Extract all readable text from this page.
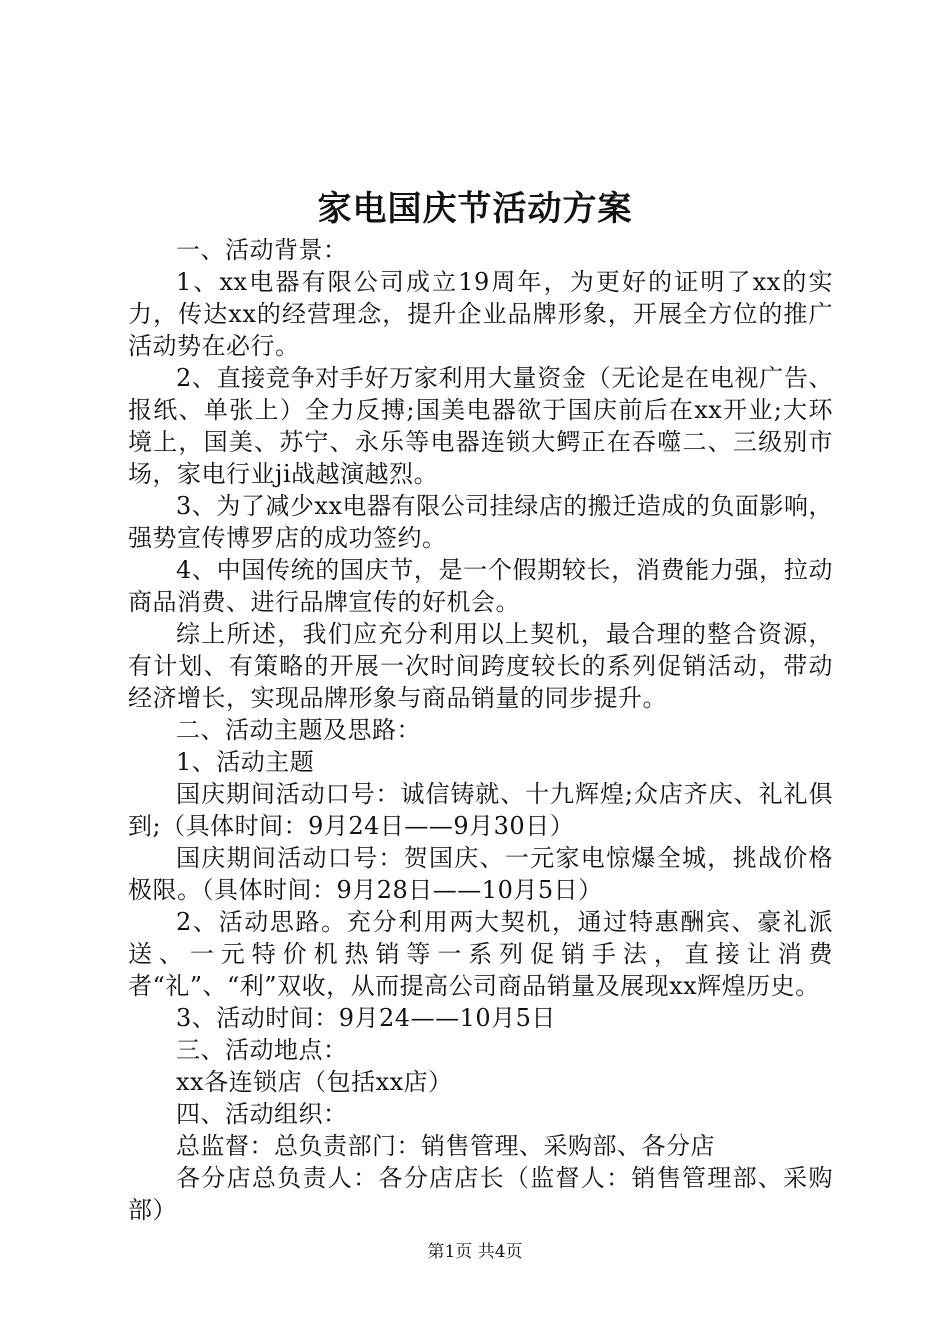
家电国庆节活动方案

一、活动背景：

1、xx电器有限公司成立19周年，为更好的证明了xx的实力，传达xx的经营理念，提升企业品牌形象，开展全方位的推广活动势在必行。

2、直接竞争对手好万家利用大量资金（无论是在电视广告、报纸、单张上）全力反搏;国美电器欲于国庆前后在xx开业;大环境上，国美、苏宁、永乐等电器连锁大鳄正在吞噬二、三级别市场，家电行业ji战越演越烈。

3、为了减少xx电器有限公司挂绿店的搬迁造成的负面影响，强势宣传博罗店的成功签约。

4、中国传统的国庆节，是一个假期较长，消费能力强，拉动商品消费、进行品牌宣传的好机会。

综上所述，我们应充分利用以上契机，最合理的整合资源，有计划、有策略的开展一次时间跨度较长的系列促销活动，带动经济增长，实现品牌形象与商品销量的同步提升。

二、活动主题及思路：

1、活动主题

国庆期间活动口号：诚信铸就、十九辉煌;众店齐庆、礼礼俱到;（具体时间：9月24日——9月30日）

国庆期间活动口号：贺国庆、一元家电惊爆全城，挑战价格极限。（具体时间：9月28日——10月5日）

2、活动思路。充分利用两大契机，通过特惠酬宾、豪礼派送、一元特价机热销等一系列促销手法，直接让消费者“礼”、“利”双收，从而提高公司商品销量及展现xx辉煌历史。

3、活动时间：9月24——10月5日

三、活动地点：

xx各连锁店（包括xx店）

四、活动组织：

总监督：总负责部门：销售管理、采购部、各分店

各分店总负责人：各分店店长（监督人：销售管理部、采购部）

第1页 共4页
